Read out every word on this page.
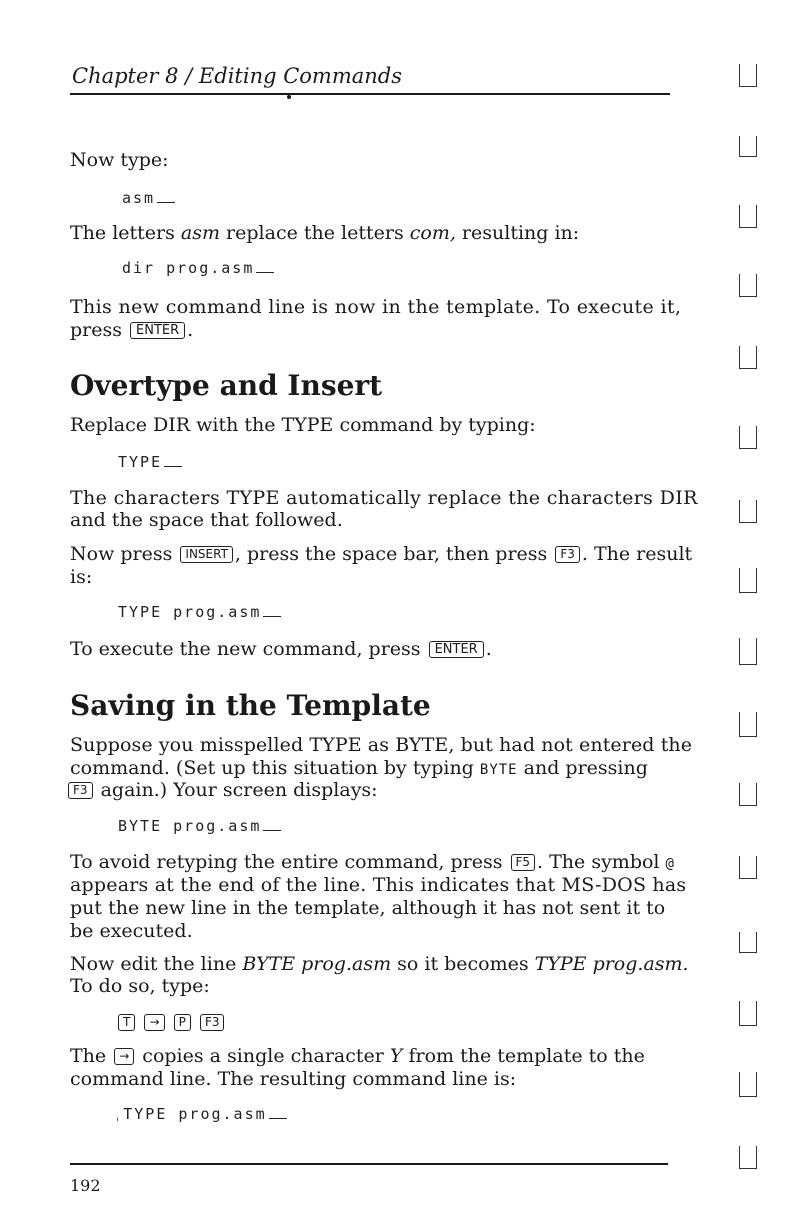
Chapter 8 / Editing Commands
Now type:
asm
The letters asm replace the letters com, resulting in:
dir prog.asm
This new command line is now in the template. To execute it,
press ENTER .
Overtype and Insert
Replace DIR with the TYPE command by typing:
TYPE
The characters TYPE automatically replace the characters DIR
and the space that followed.
Now press INSERT , press the space bar, then press F3 . The result
is:
TYPE prog.asm
To execute the new command, press ENTER .
Saving in the Template
Suppose you misspelled TYPE as BYTE, but had not entered the
command. (Set up this situation by typing BYTE and pressing
F3 again.) Your screen displays:
BYTE prog.asm
To avoid retyping the entire command, press F5 . The symbol @
appears at the end of the line. This indicates that MS-DOS has
put the new line in the template, although it has not sent it to
be executed.
Now edit the line BYTE prog.asm so it becomes TYPE prog.asm.
To do so, type:
T → P F3
The → copies a single character Y from the template to the
command line. The resulting command line is:
ˌTYPE prog.asm
192
